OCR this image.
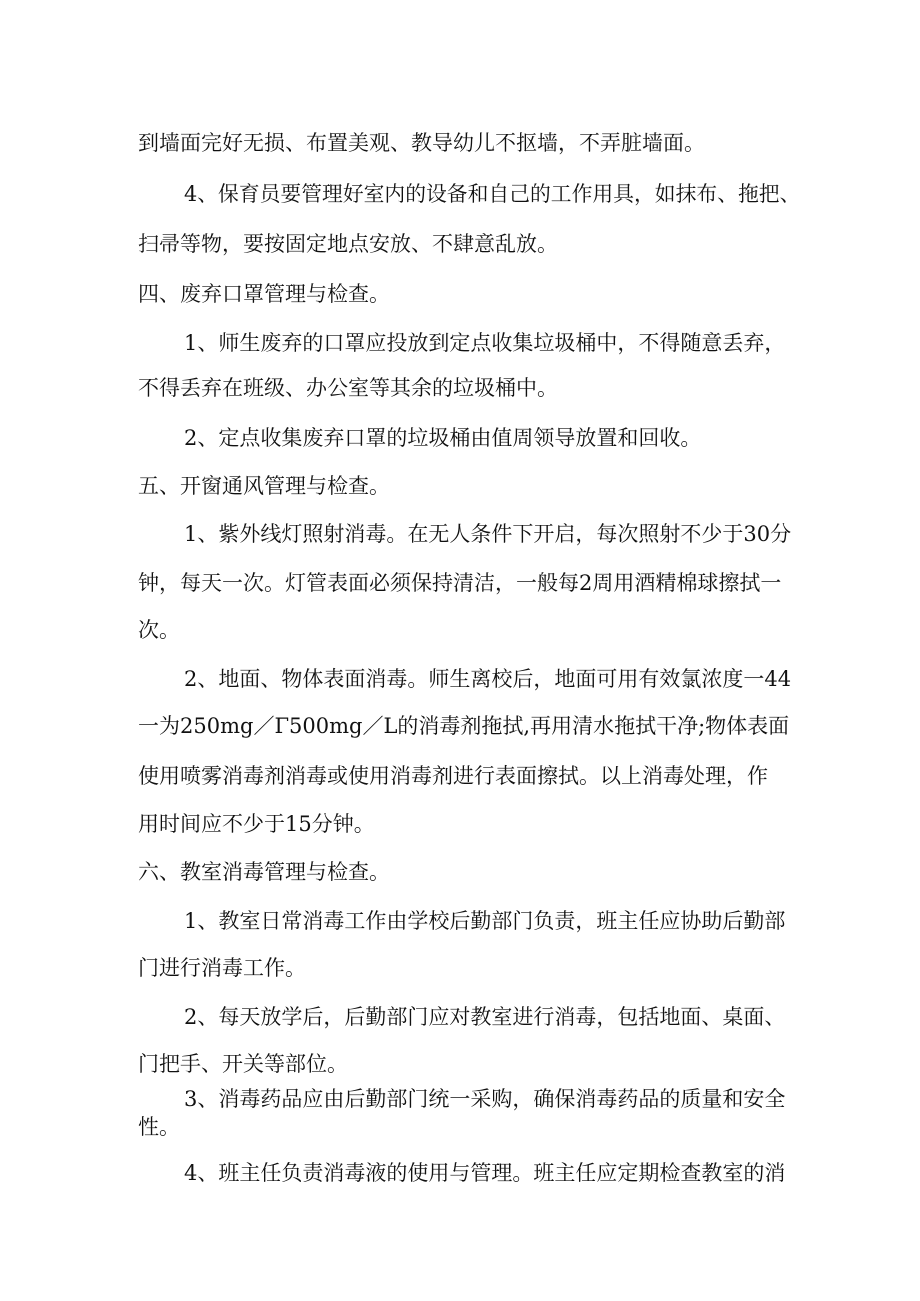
到墙面完好无损、布置美观、教导幼儿不抠墙，不弄脏墙面。
4、保育员要管理好室内的设备和自己的工作用具，如抹布、拖把、
扫帚等物，要按固定地点安放、不肆意乱放。
四、废弃口罩管理与检查。
1、师生废弃的口罩应投放到定点收集垃圾桶中，不得随意丢弃，
不得丢弃在班级、办公室等其余的垃圾桶中。
2、定点收集废弃口罩的垃圾桶由值周领导放置和回收。
五、开窗通风管理与检查。
1、紫外线灯照射消毒。在无人条件下开启，每次照射不少于30分
钟，每天一次。灯管表面必须保持清洁，一般每2周用酒精棉球擦拭一
次。
2、地面、物体表面消毒。师生离校后，地面可用有效氯浓度一44
一为250mg／Γ500mg／L的消毒剂拖拭,再用清水拖拭干净;物体表面
使用喷雾消毒剂消毒或使用消毒剂进行表面擦拭。以上消毒处理，作
用时间应不少于15分钟。
六、教室消毒管理与检查。
1、教室日常消毒工作由学校后勤部门负责，班主任应协助后勤部
门进行消毒工作。
2、每天放学后，后勤部门应对教室进行消毒，包括地面、桌面、
门把手、开关等部位。
3、消毒药品应由后勤部门统一采购，确保消毒药品的质量和安全
性。
4、班主任负责消毒液的使用与管理。班主任应定期检查教室的消
